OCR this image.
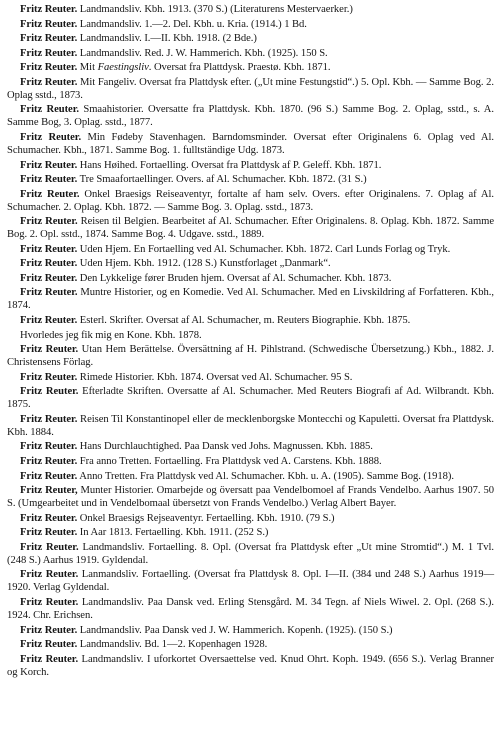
Fritz Reuter. Landmandsliv. Kbh. 1913. (370 S.) (Literaturens Mestervaerker.)

Fritz Reuter. Landmandsliv. 1.—2. Del. Kbh. u. Kria. (1914.) 1 Bd.

Fritz Reuter. Landmandsliv. I.—II. Kbh. 1918. (2 Bde.)

Fritz Reuter. Landmandsliv. Red. J. W. Hammerich. Kbh. (1925). 150 S.

Fritz Reuter. Mit Faestingsliv. Oversat fra Plattdysk. Praestø. Kbh. 1871.

Fritz Reuter. Mit Fangeliv. Oversat fra Plattdysk efter. („Ut mine Festungstid“.) 5. Opl. Kbh. — Samme Bog. 2. Oplag sstd., 1873.

Fritz Reuter. Smaahistorier. Oversatte fra Plattdysk. Kbh. 1870. (96 S.) Samme Bog. 2. Oplag, sstd., s. A. Samme Bog, 3. Oplag. sstd., 1877.

Fritz Reuter. Min Fødeby Stavenhagen. Barndomsminder. Oversat efter Originalens 6. Oplag ved Al. Schumacher. Kbh., 1871. Samme Bog. 1. fulltständige Udg. 1873.

Fritz Reuter. Hans Høihed. Fortaelling. Oversat fra Plattdysk af P. Geleff. Kbh. 1871.

Fritz Reuter. Tre Smaafortaellinger. Overs. af Al. Schumacher. Kbh. 1872. (31 S.)

Fritz Reuter. Onkel Braesigs Reiseaventyr, fortalte af ham selv. Overs. efter Originalens. 7. Oplag af Al. Schumacher. 2. Oplag. Kbh. 1872. — Samme Bog. 3. Oplag. sstd., 1873.

Fritz Reuter. Reisen til Belgien. Bearbeitet af Al. Schumacher. Efter Originalens. 8. Oplag. Kbh. 1872. Samme Bog. 2. Opl. sstd., 1874. Samme Bog. 4. Udgave. sstd., 1889.

Fritz Reuter. Uden Hjem. En Fortaelling ved Al. Schumacher. Kbh. 1872. Carl Lunds Forlag og Tryk.

Fritz Reuter. Uden Hjem. Kbh. 1912. (128 S.) Kunstforlaget „Danmark“.

Fritz Reuter. Den Lykkelige fører Bruden hjem. Oversat af Al. Schumacher. Kbh. 1873.

Fritz Reuter. Muntre Historier, og en Komedie. Ved Al. Schumacher. Med en Livskildring af Forfatteren. Kbh., 1874.

Fritz Reuter. Esterl. Skrifter. Oversat af Al. Schumacher, m. Reuters Biographie. Kbh. 1875.

Hvorledes jeg fik mig en Kone. Kbh. 1878.

Fritz Reuter. Utan Hem Berättelse. Översättning af H. Pihlstrand. (Schwedische Übersetzung.) Kbh., 1882. J. Christensens Förlag.

Fritz Reuter. Rimede Historier. Kbh. 1874. Oversat ved Al. Schumacher. 95 S.

Fritz Reuter. Efterladte Skriften. Oversatte af Al. Schumacher. Med Reuters Biografi af Ad. Wilbrandt. Kbh. 1875.

Fritz Reuter. Reisen Til Konstantinopel eller de mecklenborgske Montecchi og Kapuletti. Oversat fra Plattdysk. Kbh. 1884.

Fritz Reuter. Hans Durchlauchtighed. Paa Dansk ved Johs. Magnussen. Kbh. 1885.

Fritz Reuter. Fra anno Tretten. Fortaelling. Fra Plattdysk ved A. Carstens. Kbh. 1888.

Fritz Reuter. Anno Tretten. Fra Plattdysk ved Al. Schumacher. Kbh. u. A. (1905). Samme Bog. (1918).

Fritz Reuter, Munter Historier. Omarbejde og översatt paa Vendelbomoel af Frands Vendelbo. Aarhus 1907. 50 S. (Umgearbeitet und in Vendelbomaal übersetzt von Frands Vendelbo.) Verlag Albert Bayer.

Fritz Reuter. Onkel Braesigs Rejseaventyr. Fertaelling. Kbh. 1910. (79 S.)

Fritz Reuter. In Aar 1813. Fertaelling. Kbh. 1911. (252 S.)

Fritz Reuter. Landmandsliv. Fortaelling. 8. Opl. (Oversat fra Plattdysk efter „Ut mine Stromtid“.) M. 1 Tvl. (248 S.) Aarhus 1919. Gyldendal.

Fritz Reuter. Lanmandsliv. Fortaelling. (Oversat fra Plattdysk 8. Opl. I—II. (384 und 248 S.) Aarhus 1919—1920. Verlag Gyldendal.

Fritz Reuter. Landmandsliv. Paa Dansk ved. Erling Stensgård. M. 34 Tegn. af Niels Wiwel. 2. Opl. (268 S.). 1924. Chr. Erichsen.

Fritz Reuter. Landmandsliv. Paa Dansk ved J. W. Hammerich. Kopenh. (1925). (150 S.)

Fritz Reuter. Landmandsliv. Bd. 1—2. Kopenhagen 1928.

Fritz Reuter. Landmandsliv. I uforkortet Oversaettelse ved. Knud Ohrt. Koph. 1949. (656 S.). Verlag Branner og Korch.
